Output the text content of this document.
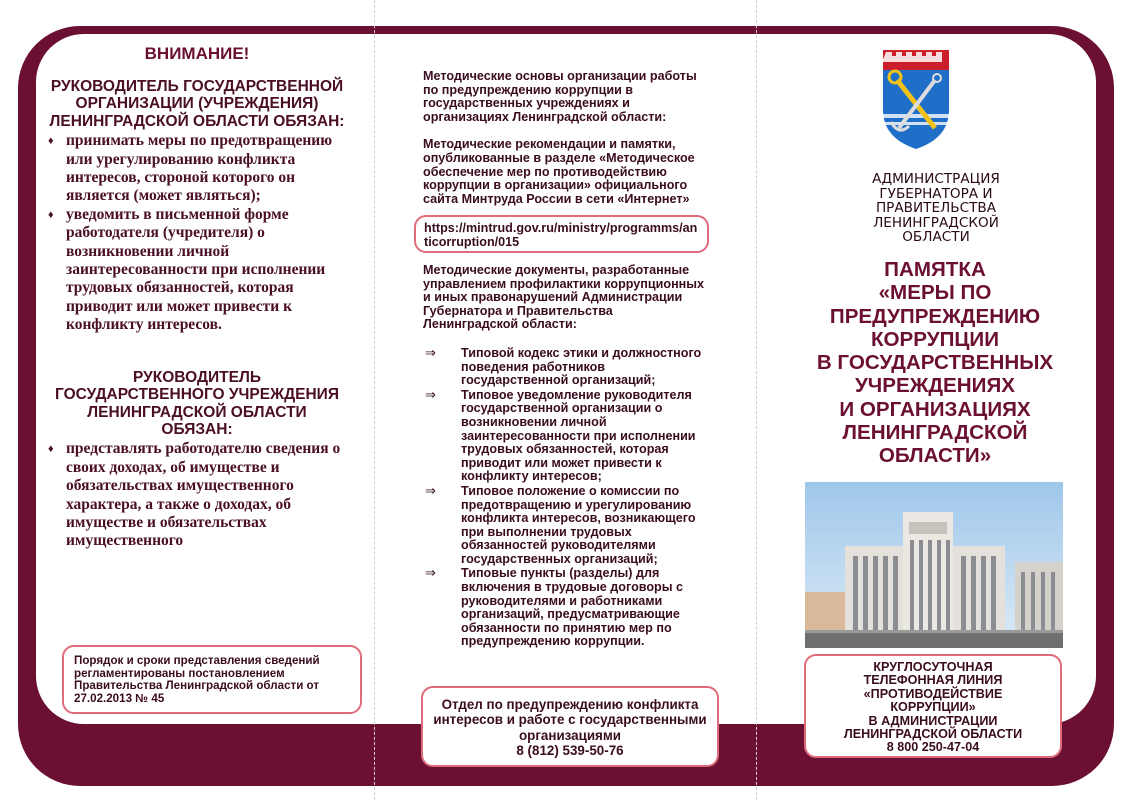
ВНИМАНИЕ!
РУКОВОДИТЕЛЬ ГОСУДАРСТВЕННОЙ ОРГАНИЗАЦИИ (УЧРЕЖДЕНИЯ) ЛЕНИНГРАДСКОЙ ОБЛАСТИ ОБЯЗАН:
♦ принимать меры по предотвращению или урегулированию конфликта интересов, стороной которого он является (может являться);
♦ уведомить в письменной форме работодателя (учредителя) о возникновении личной заинтересованности при исполнении трудовых обязанностей, которая приводит или может привести к конфликту интересов.
РУКОВОДИТЕЛЬ ГОСУДАРСТВЕННОГО УЧРЕЖДЕНИЯ ЛЕНИНГРАДСКОЙ ОБЛАСТИ ОБЯЗАН:
♦ представлять работодателю сведения о своих доходах, об имуществе и обязательствах имущественного характера, а также о доходах, об имуществе и обязательствах имущественного
Порядок и сроки представления сведений регламентированы постановлением Правительства Ленинградской области от 27.02.2013 № 45
Методические основы организации работы по предупреждению коррупции в государственных учреждениях и организациях Ленинградской области:
Методические рекомендации и памятки, опубликованные в разделе «Методическое обеспечение мер по противодействию коррупции в организации» официального сайта Минтруда России в сети «Интернет»
https://mintrud.gov.ru/ministry/programms/anticorruption/015
Методические документы, разработанные управлением профилактики коррупционных и иных правонарушений Администрации Губернатора и Правительства Ленинградской области:
⇒ Типовой кодекс этики и должностного поведения работников государственной организаций;
⇒ Типовое уведомление руководителя государственной организации о возникновении личной заинтересованности при исполнении трудовых обязанностей, которая приводит или может привести к конфликту интересов;
⇒ Типовое положение о комиссии по предотвращению и урегулированию конфликта интересов, возникающего при выполнении трудовых обязанностей руководителями государственных организаций;
⇒ Типовые пункты (разделы) для включения в трудовые договоры с руководителями и работниками организаций, предусматривающие обязанности по принятию мер по предупреждению коррупции.
Отдел по предупреждению конфликта интересов и работе с государственными организациями
8 (812) 539-50-76
АДМИНИСТРАЦИЯ ГУБЕРНАТОРА И ПРАВИТЕЛЬСТВА ЛЕНИНГРАДСКОЙ ОБЛАСТИ
ПАМЯТКА
«МЕРЫ ПО
ПРЕДУПРЕЖДЕНИЮ
КОРРУПЦИИ
В ГОСУДАРСТВЕННЫХ
УЧРЕЖДЕНИЯХ
И ОРГАНИЗАЦИЯХ
ЛЕНИНГРАДСКОЙ
ОБЛАСТИ»
КРУГЛОСУТОЧНАЯ
ТЕЛЕФОННАЯ ЛИНИЯ
«ПРОТИВОДЕЙСТВИЕ
КОРРУПЦИИ»
В АДМИНИСТРАЦИИ
ЛЕНИНГРАДСКОЙ ОБЛАСТИ
8 800 250-47-04
